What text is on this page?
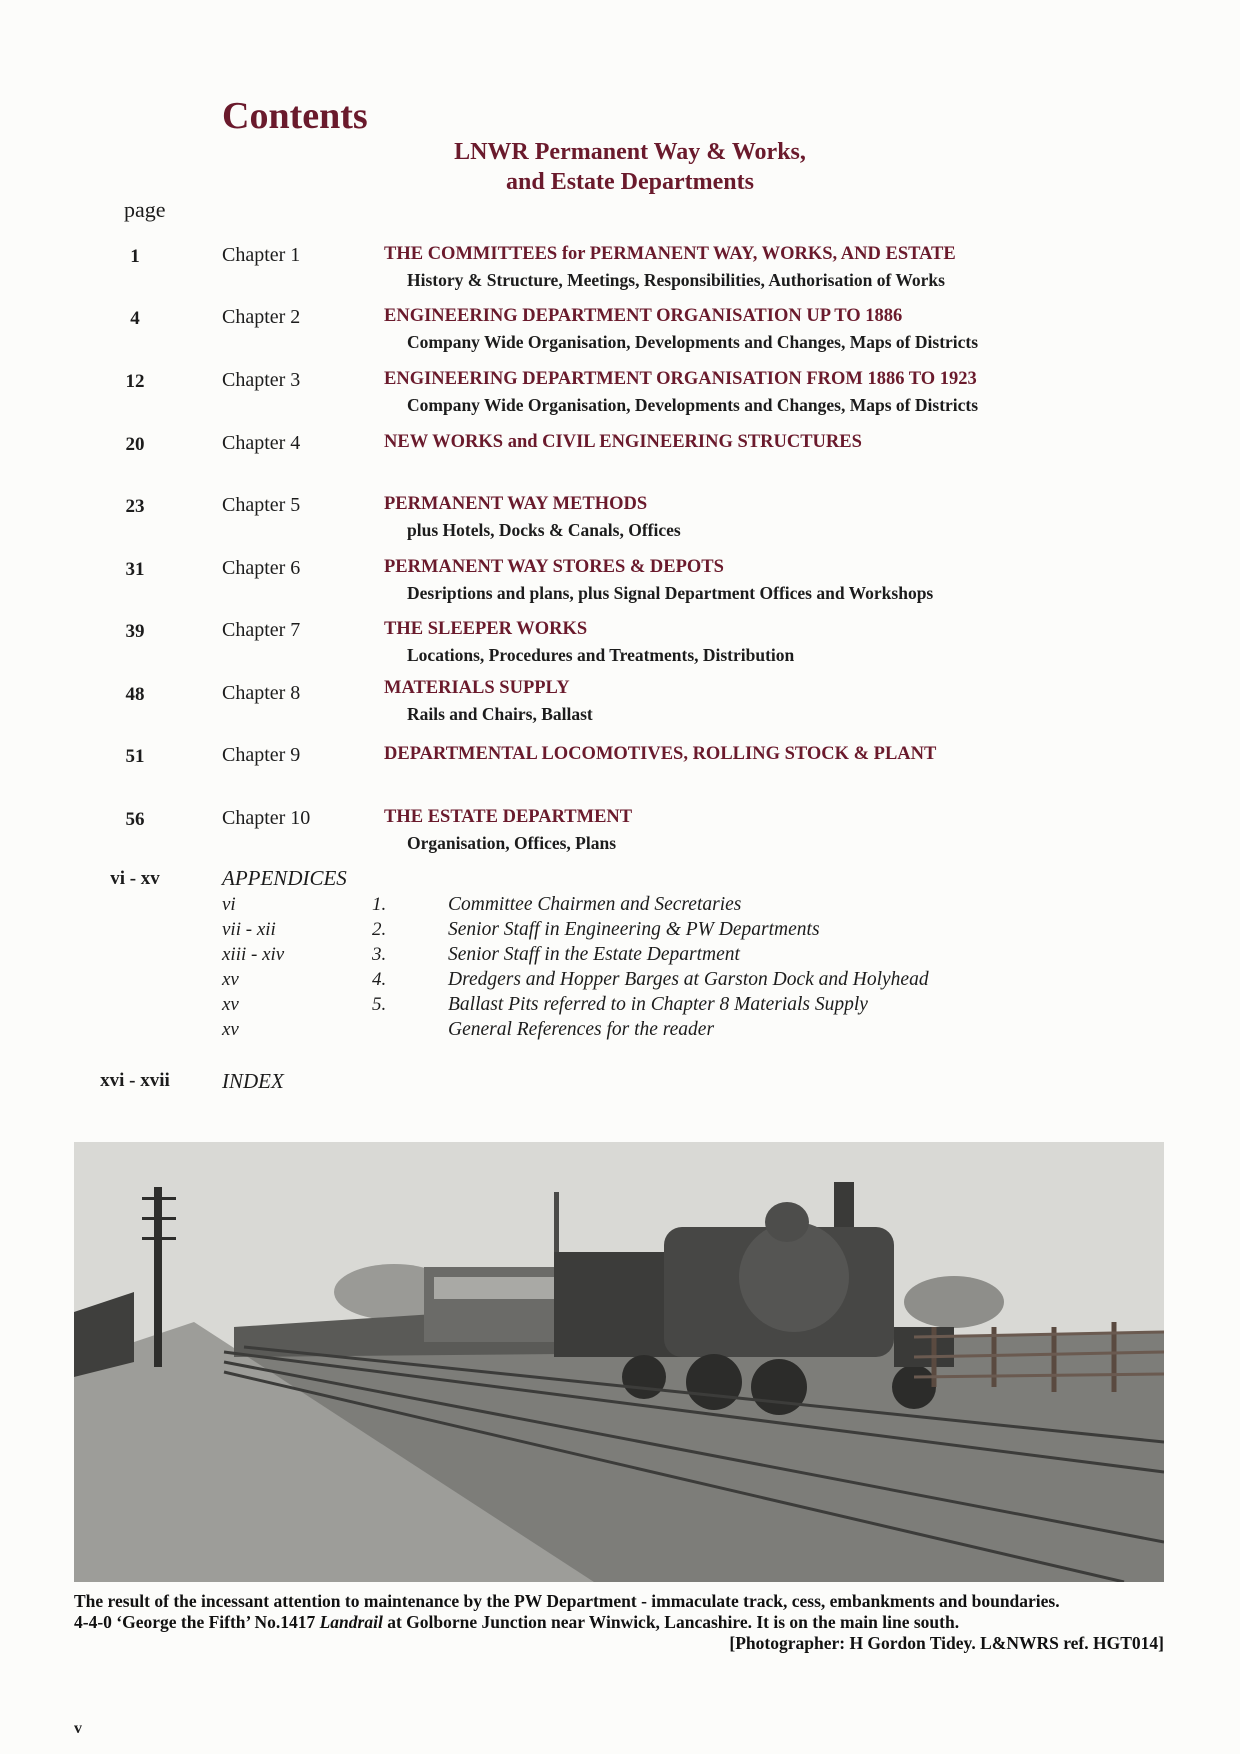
Contents
LNWR Permanent Way & Works,
and Estate Departments
page
1	Chapter 1	THE COMMITTEES for PERMANENT WAY, WORKS, AND ESTATE
History & Structure, Meetings, Responsibilities, Authorisation of Works
4	Chapter 2	ENGINEERING DEPARTMENT ORGANISATION UP TO 1886
Company Wide Organisation, Developments and Changes, Maps of Districts
12	Chapter 3	ENGINEERING DEPARTMENT ORGANISATION FROM 1886 TO 1923
Company Wide Organisation, Developments and Changes, Maps of Districts
20	Chapter 4	NEW WORKS and CIVIL ENGINEERING STRUCTURES
23	Chapter 5	PERMANENT WAY METHODS
plus Hotels, Docks & Canals, Offices
31	Chapter 6	PERMANENT WAY STORES & DEPOTS
Desriptions and plans, plus Signal Department Offices and Workshops
39	Chapter 7	THE SLEEPER WORKS
Locations, Procedures and Treatments, Distribution
48	Chapter 8	MATERIALS SUPPLY
Rails and Chairs, Ballast
51	Chapter 9	DEPARTMENTAL LOCOMOTIVES, ROLLING STOCK & PLANT
56	Chapter 10	THE ESTATE DEPARTMENT
Organisation, Offices, Plans
vi - xv	APPENDICES
vi	1.	Committee Chairmen and Secretaries
vii - xii	2.	Senior Staff in Engineering & PW Departments
xiii - xiv	3.	Senior Staff in the Estate Department
xv	4.	Dredgers and Hopper Barges at Garston Dock and Holyhead
xv	5.	Ballast Pits referred to in Chapter 8 Materials Supply
xv	General References for the reader
xvi - xvii	INDEX
The result of the incessant attention to maintenance by the PW Department - immaculate track, cess, embankments and boundaries.
4-4-0 ‘George the Fifth’ No.1417 Landrail at Golborne Junction near Winwick, Lancashire. It is on the main line south.
[Photographer: H Gordon Tidey. L&NWRS ref. HGT014]
v
